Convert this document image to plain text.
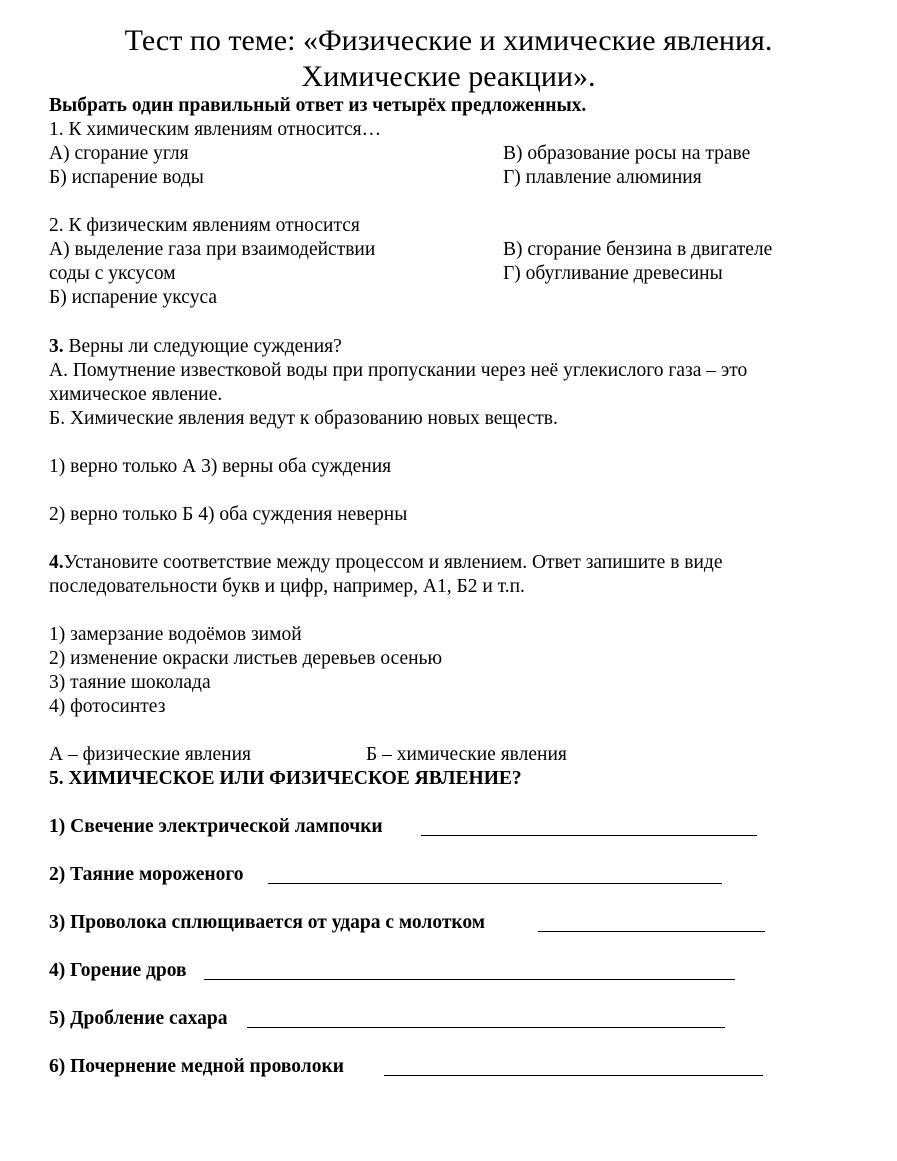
Тест по теме: «Физические и химические явления.
Химические реакции».
Выбрать один правильный ответ из четырёх предложенных.
1. К химическим явлениям относится…
А) сгорание угля	В) образование росы на траве
Б) испарение воды	Г) плавление алюминия
2. К физическим явлениям относится
А) выделение газа при взаимодействии	В) сгорание бензина в двигателе
соды с уксусом	Г) обугливание древесины
Б) испарение уксуса
3. Верны ли следующие суждения?
А. Помутнение известковой воды при пропускании через неё углекислого газа – это
химическое явление.
Б. Химические явления ведут к образованию новых веществ.
1) верно только А 3) верны оба суждения
2) верно только Б 4) оба суждения неверны
4.Установите соответствие между процессом и явлением. Ответ запишите в виде
последовательности букв и цифр, например, А1, Б2 и т.п.
1) замерзание водоёмов зимой
2) изменение окраски листьев деревьев осенью
3) таяние шоколада
4) фотосинтез
А – физические явления	Б – химические явления
5. ХИМИЧЕСКОЕ ИЛИ ФИЗИЧЕСКОЕ ЯВЛЕНИЕ?
1) Свечение электрической лампочки
2) Таяние мороженого
3) Проволока сплющивается от удара с молотком
4) Горение дров
5) Дробление сахара
6) Почернение медной проволоки
